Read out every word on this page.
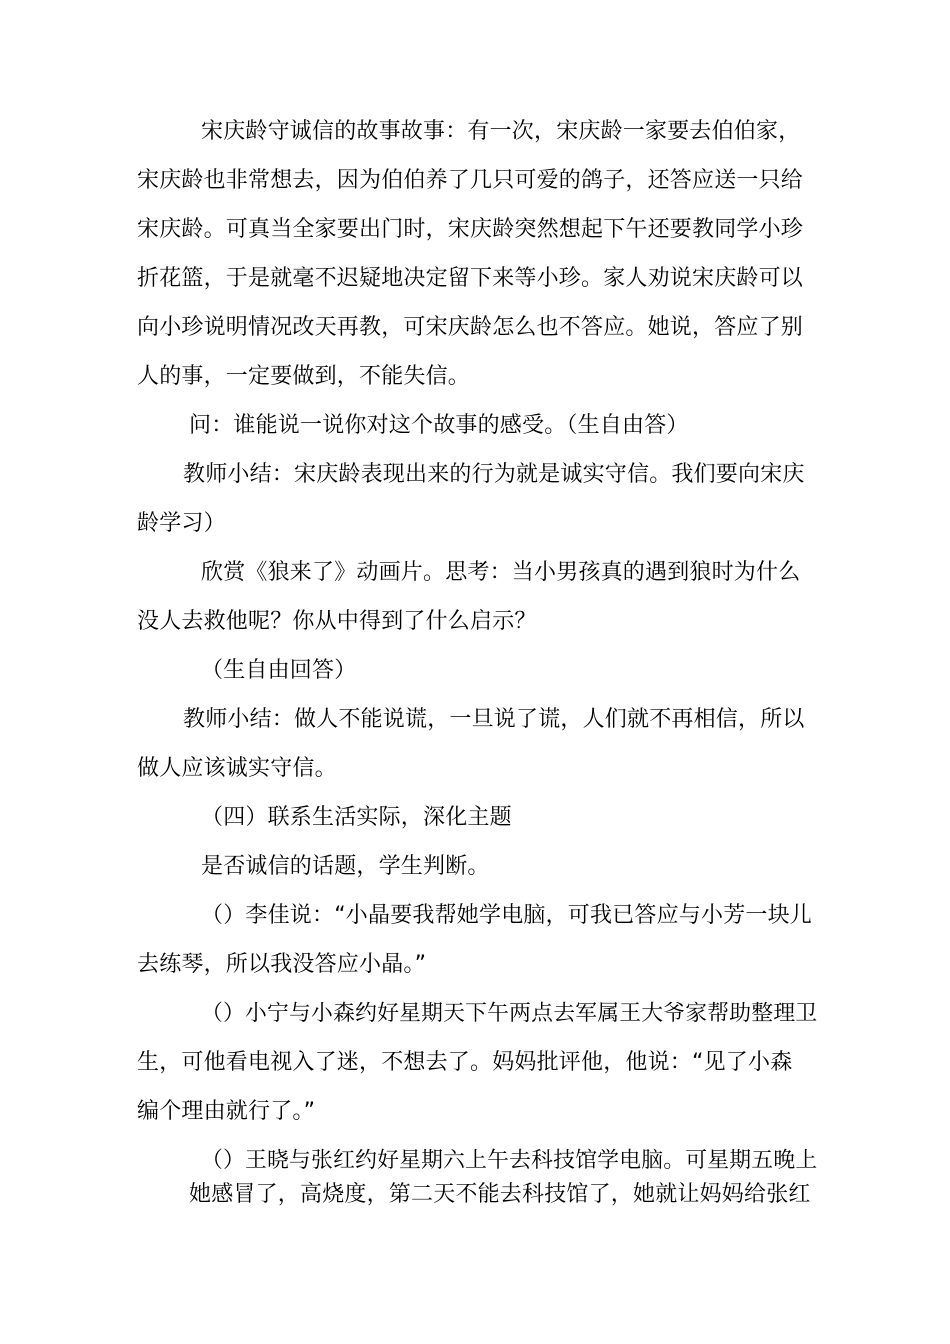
宋庆龄守诚信的故事故事：有一次，宋庆龄一家要去伯伯家，
宋庆龄也非常想去，因为伯伯养了几只可爱的鸽子，还答应送一只给
宋庆龄。可真当全家要出门时，宋庆龄突然想起下午还要教同学小珍
折花篮，于是就毫不迟疑地决定留下来等小珍。家人劝说宋庆龄可以
向小珍说明情况改天再教，可宋庆龄怎么也不答应。她说，答应了别
人的事，一定要做到，不能失信。
问：谁能说一说你对这个故事的感受。（生自由答）
教师小结：宋庆龄表现出来的行为就是诚实守信。我们要向宋庆
龄学习）
欣赏《狼来了》动画片。思考：当小男孩真的遇到狼时为什么
没人去救他呢？你从中得到了什么启示？
（生自由回答）
教师小结：做人不能说谎，一旦说了谎，人们就不再相信，所以
做人应该诚实守信。
（四）联系生活实际，深化主题
是否诚信的话题，学生判断。
（）李佳说：“小晶要我帮她学电脑，可我已答应与小芳一块儿
去练琴，所以我没答应小晶。”
（）小宁与小森约好星期天下午两点去军属王大爷家帮助整理卫
生，可他看电视入了迷，不想去了。妈妈批评他，他说：“见了小森
编个理由就行了。”
（）王晓与张红约好星期六上午去科技馆学电脑。可星期五晚上
她感冒了，高烧度，第二天不能去科技馆了，她就让妈妈给张红
